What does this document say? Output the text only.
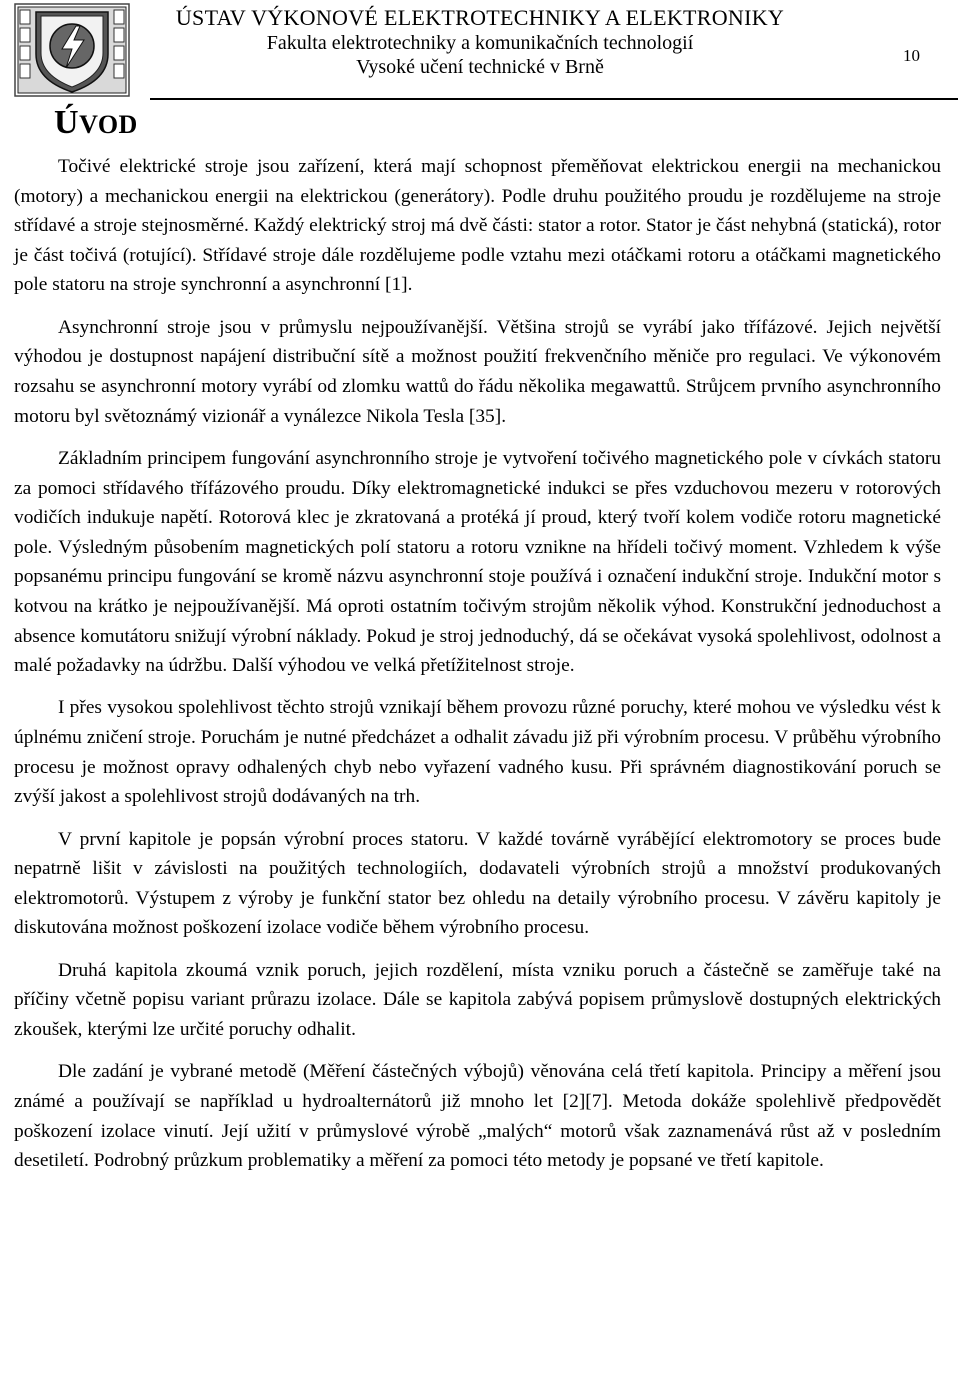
ÚSTAV VÝKONOVÉ ELEKTROTECHNIKY A ELEKTRONIKY

Fakulta elektrotechniky a komunikačních technologií

Vysoké učení technické v Brně

10
ÚVOD

Točivé elektrické stroje jsou zařízení, která mají schopnost přeměňovat elektrickou energii na mechanickou (motory) a mechanickou energii na elektrickou (generátory). Podle druhu použitého proudu je rozdělujeme na stroje střídavé a stroje stejnosměrné. Každý elektrický stroj má dvě části: stator a rotor. Stator je část nehybná (statická), rotor je část točivá (rotující). Střídavé stroje dále rozdělujeme podle vztahu mezi otáčkami rotoru a otáčkami magnetického pole statoru na stroje synchronní a asynchronní [1].

Asynchronní stroje jsou v průmyslu nejpoužívanější. Většina strojů se vyrábí jako třífázové. Jejich největší výhodou je dostupnost napájení distribuční sítě a možnost použití frekvenčního měniče pro regulaci. Ve výkonovém rozsahu se asynchronní motory vyrábí od zlomku wattů do řádu několika megawattů. Strůjcem prvního asynchronního motoru byl světoznámý vizionář a vynálezce Nikola Tesla [35].

Základním principem fungování asynchronního stroje je vytvoření točivého magnetického pole v cívkách statoru za pomoci střídavého třífázového proudu. Díky elektromagnetické indukci se přes vzduchovou mezeru v rotorových vodičích indukuje napětí. Rotorová klec je zkratovaná a protéká jí proud, který tvoří kolem vodiče rotoru magnetické pole. Výsledným působením magnetických polí statoru a rotoru vznikne na hřídeli točivý moment. Vzhledem k výše popsanému principu fungování se kromě názvu asynchronní stoje používá i označení indukční stroje. Indukční motor s kotvou na krátko je nejpoužívanější. Má oproti ostatním točivým strojům několik výhod. Konstrukční jednoduchost a absence komutátoru snižují výrobní náklady. Pokud je stroj jednoduchý, dá se očekávat vysoká spolehlivost, odolnost a malé požadavky na údržbu. Další výhodou ve velká přetížitelnost stroje.

I přes vysokou spolehlivost těchto strojů vznikají během provozu různé poruchy, které mohou ve výsledku vést k úplnému zničení stroje. Poruchám je nutné předcházet a odhalit závadu již při výrobním procesu. V průběhu výrobního procesu je možnost opravy odhalených chyb nebo vyřazení vadného kusu. Při správném diagnostikování poruch se zvýší jakost a spolehlivost strojů dodávaných na trh.

V první kapitole je popsán výrobní proces statoru. V každé továrně vyrábějící elektromotory se proces bude nepatrně lišit v závislosti na použitých technologiích, dodavateli výrobních strojů a množství produkovaných elektromotorů. Výstupem z výroby je funkční stator bez ohledu na detaily výrobního procesu. V závěru kapitoly je diskutována možnost poškození izolace vodiče během výrobního procesu.

Druhá kapitola zkoumá vznik poruch, jejich rozdělení, místa vzniku poruch a částečně se zaměřuje také na příčiny včetně popisu variant průrazu izolace. Dále se kapitola zabývá popisem průmyslově dostupných elektrických zkoušek, kterými lze určité poruchy odhalit.

Dle zadání je vybrané metodě (Měření částečných výbojů) věnována celá třetí kapitola. Principy a měření jsou známé a používají se například u hydroalternátorů již mnoho let [2][7]. Metoda dokáže spolehlivě předpovědět poškození izolace vinutí. Její užití v průmyslové výrobě „malých“ motorů však zaznamenává růst až v posledním desetiletí. Podrobný průzkum problematiky a měření za pomoci této metody je popsané ve třetí kapitole.
